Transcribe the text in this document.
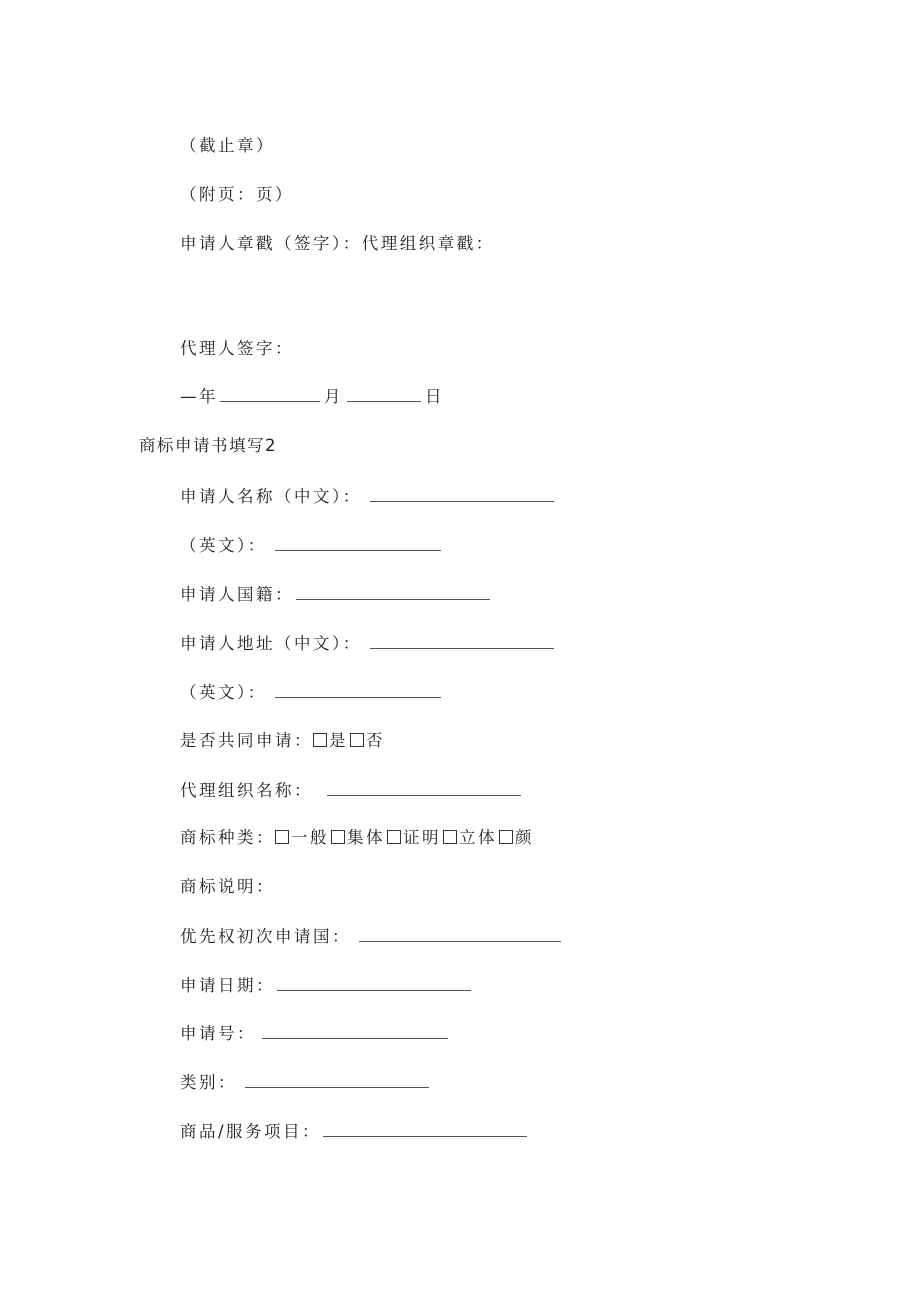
（截止章）
（附页：页）
申请人章戳（签字）：代理组织章戳：
代理人签字：
—年	月	日
商标申请书填写2
申请人名称（中文）：
（英文）：
申请人国籍：
申请人地址（中文）：
（英文）：
是否共同申请： 是 否
代理组织名称：
商标种类： 一般 集体 证明 立体 颜
商标说明：
优先权初次申请国：
申请日期：
申请号：
类别：
商品/服务项目：
